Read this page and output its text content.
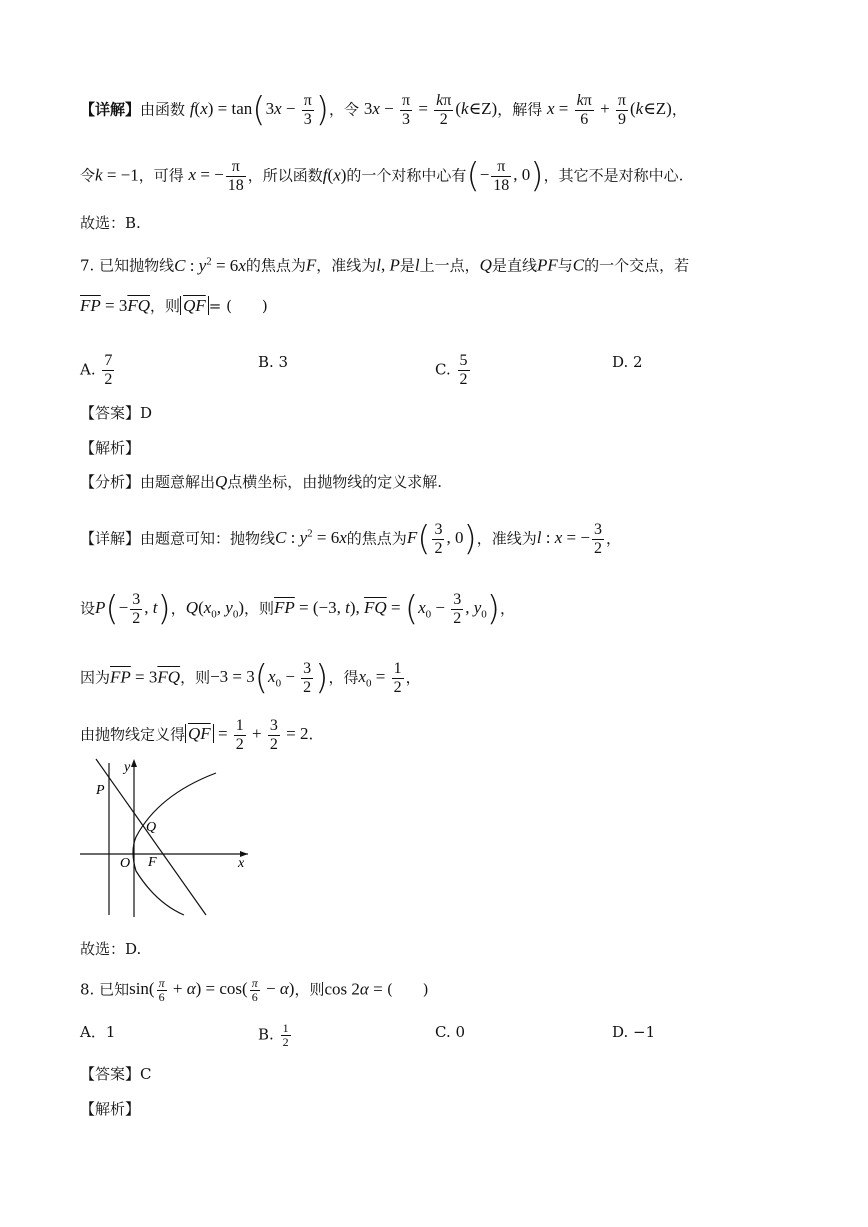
【详解】由函数 $f(x) = \tan(3x - \frac{\pi}{3}$ )，令 $3x - \frac{\pi}{3} = \frac{k\pi}{2}$ (k∈Z)，解得 $x = \frac{k\pi}{6} + \frac{\pi}{9}$ (k∈Z)，
令k = −1，可得 x = − $\frac{\pi}{18}$ ，所以函数f(x)的一个对称中心有(− $\frac{\pi}{18}$ , 0)，其它不是对称中心.
故选：B.
7. 已知抛物线C : $y^2 = 6x$的焦点为F，准线为l, P是l上一点，Q是直线PF与C的一个交点，若
$\overline{FP} = 3\overline{FQ}$，则 $\overline{QF}$ = (　　)
A. $\frac{7}{2}$	B. 3	C. $\frac{5}{2}$	D. 2
【答案】D
【解析】
【分析】由题意解出Q点横坐标，由抛物线的定义求解.
【详解】由题意可知：抛物线C : $y^2 = 6x$的焦点为$F( \frac{3}{2}$ , 0)，准线为l : x = − $\frac{3}{2}$ ，
设$P(- \frac{3}{2}$ , t)，$Q(x_0$, $y_0$)，则$\overline{FP} = (-3$, t), $\overline{FQ} = (x_0 - \frac{3}{2}$ , $y_0$)，
因为$\overline{FP} = 3\overline{FQ}$，则$-3 = 3(x_0 - \frac{3}{2}$ )，得$x_0 = \frac{1}{2}$ ，
由抛物线定义得 $\overline{QF} = \frac{1}{2} + \frac{3}{2} = 2$.
y
x
P
Q
O F
故选：D.
8. 已知$\sin( \frac{\pi}{6} + \alpha) = \cos( \frac{\pi}{6} - \alpha)$，则cos 2α = (　　)
A．1	B. $\frac{1}{2}$	C. 0	D. −1
【答案】C
【解析】
